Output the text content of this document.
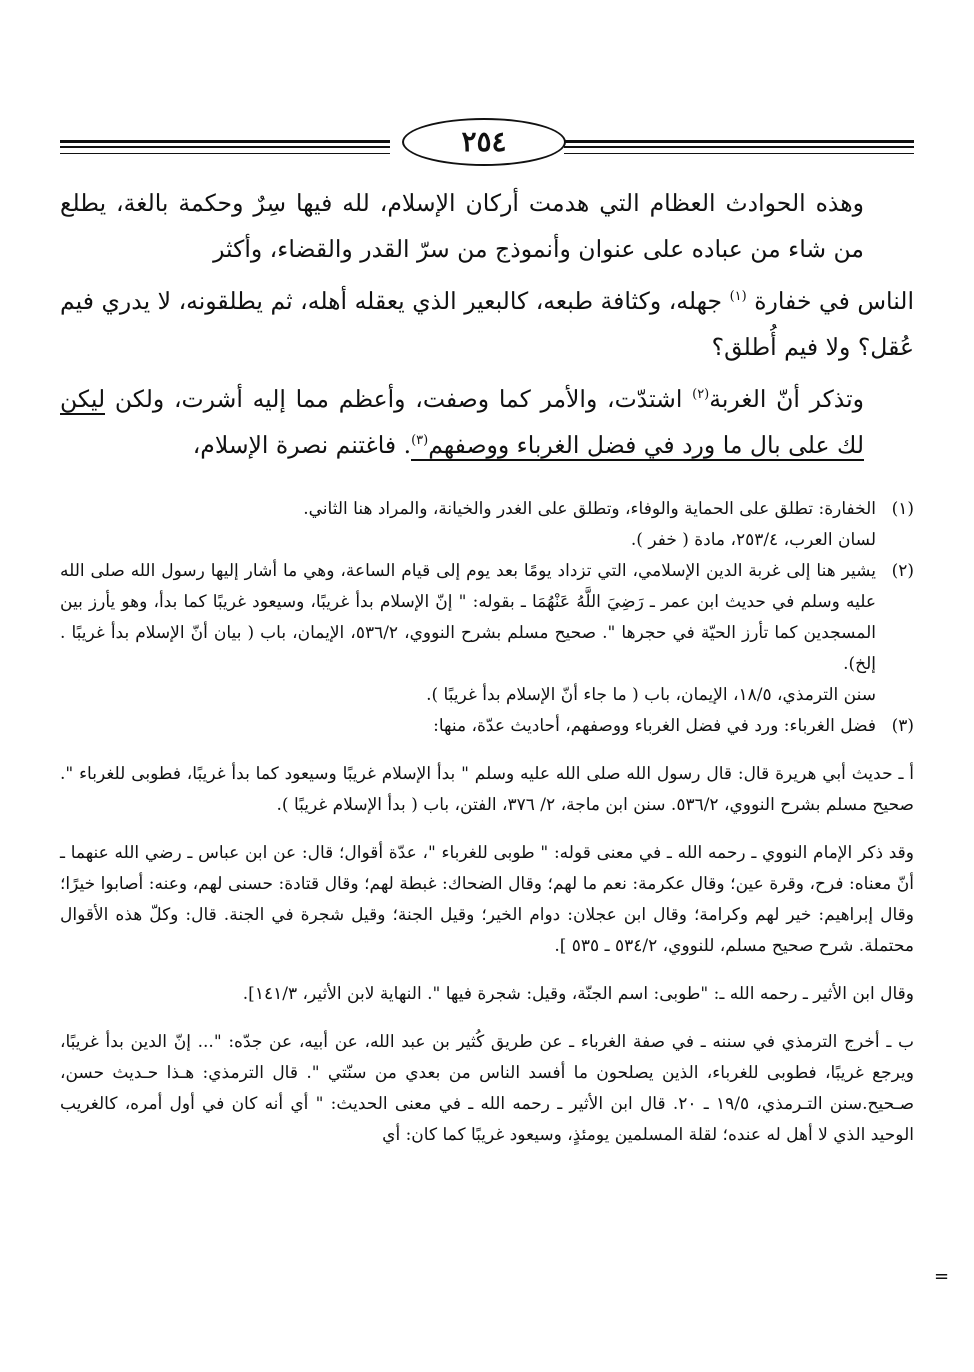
٢٥٤

وهذه الحوادث العظام التي هدمت أركان الإسلام، لله فيها سِرٌ وحكمة بالغة، يطلع من شاء من عباده على عنوان وأنموذج من سرّ القدر والقضاء، وأكثر

الناس في خفارة $^{(١)}$ جهله، وكثافة طبعه، كالبعير الذي يعقله أهله، ثم يطلقونه، لا يدري فيم عُقل؟ ولا فيم أُطلق؟

وتذكر أنّ الغربة$^{(٢)}$ اشتدّت، والأمر كما وصفت، وأعظم مما إليه أشرت، ولكن ليكن لك على بال ما ورد في فضل الغرباء ووصفهم$^{(٣)}$. فاغتنم نصرة الإسلام،

(١)

الخفارة: تطلق على الحماية والوفاء، وتطلق على الغدر والخيانة، والمراد هنا الثاني.

لسان العرب، ٢٥٣/٤، مادة ( خفر ).

(٢)

يشير هنا إلى غربة الدين الإسلامي، التي تزداد يومًا بعد يوم إلى قيام الساعة، وهي ما أشار إليها رسول الله صلى الله عليه وسلم في حديث ابن عمر ـ رَضِيَ اللَّهُ عَنْهُمَا ـ بقوله: " إنّ الإسلام بدأ غريبًا، وسيعود غريبًا كما بدأ، وهو يأرز بين المسجدين كما تأرز الحيّة في حجرها ". صحيح مسلم بشرح النووي، ٥٣٦/٢، الإيمان، باب ( بيان أنّ الإسلام بدأ غريبًا . إلخ).

سنن الترمذي، ١٨/٥، الإيمان، باب ( ما جاء أنّ الإسلام بدأ غريبًا ).

(٣)

فضل الغرباء: ورد في فضل الغرباء ووصفهم، أحاديث عدّة، منها:

أ ـ حديث أبي هريرة قال: قال رسول الله صلى الله عليه وسلم " بدأ الإسلام غريبًا وسيعود كما بدأ غريبًا، فطوبى للغرباء ". صحيح مسلم بشرح النووي، ٥٣٦/٢. سنن ابن ماجة، ٢/ ٣٧٦، الفتن، باب ( بدأ الإسلام غريبًا ).

وقد ذكر الإمام النووي ـ رحمه الله ـ في معنى قوله: " طوبى للغرباء "، عدّة أقوال؛ قال: عن ابن عباس ـ رضي الله عنهما ـ أنّ معناه: فرح، وقرة عين؛ وقال عكرمة: نعم ما لهم؛ وقال الضحاك: غبطة لهم؛ وقال قتادة: حسنى لهم، وعنه: أصابوا خيرًا؛ وقال إبراهيم: خير لهم وكرامة؛ وقال ابن عجلان: دوام الخير؛ وقيل الجنة؛ وقيل شجرة في الجنة. قال: وكلّ هذه الأقوال محتملة. شرح صحيح مسلم، للنووي، ٥٣٤/٢ ـ ٥٣٥ ].

وقال ابن الأثير ـ رحمه الله ـ: "طوبى: اسم الجنّة، وقيل: شجرة فيها ". النهاية لابن الأثير، ١٤١/٣].

ب ـ أخرج الترمذي في سننه ـ في صفة الغرباء ـ عن طريق كُثير بن عبد الله، عن أبيه، عن جدّه: "... إنّ الدين بدأ غريبًا، ويرجع غريبًا، فطوبى للغرباء، الذين يصلحون ما أفسد الناس من بعدي من سنّتي ". قال الترمذي: هـذا حـديث حسن، صـحيح.سنن التـرمذي، ١٩/٥ ـ ٢٠. قال ابن الأثير ـ رحمه الله ـ في معنى الحديث: " أي أنه كان في أول أمره، كالغريب الوحيد الذي لا أهل له عنده؛ لقلة المسلمين يومئذٍ، وسيعود غريبًا كما كان: أي

=
